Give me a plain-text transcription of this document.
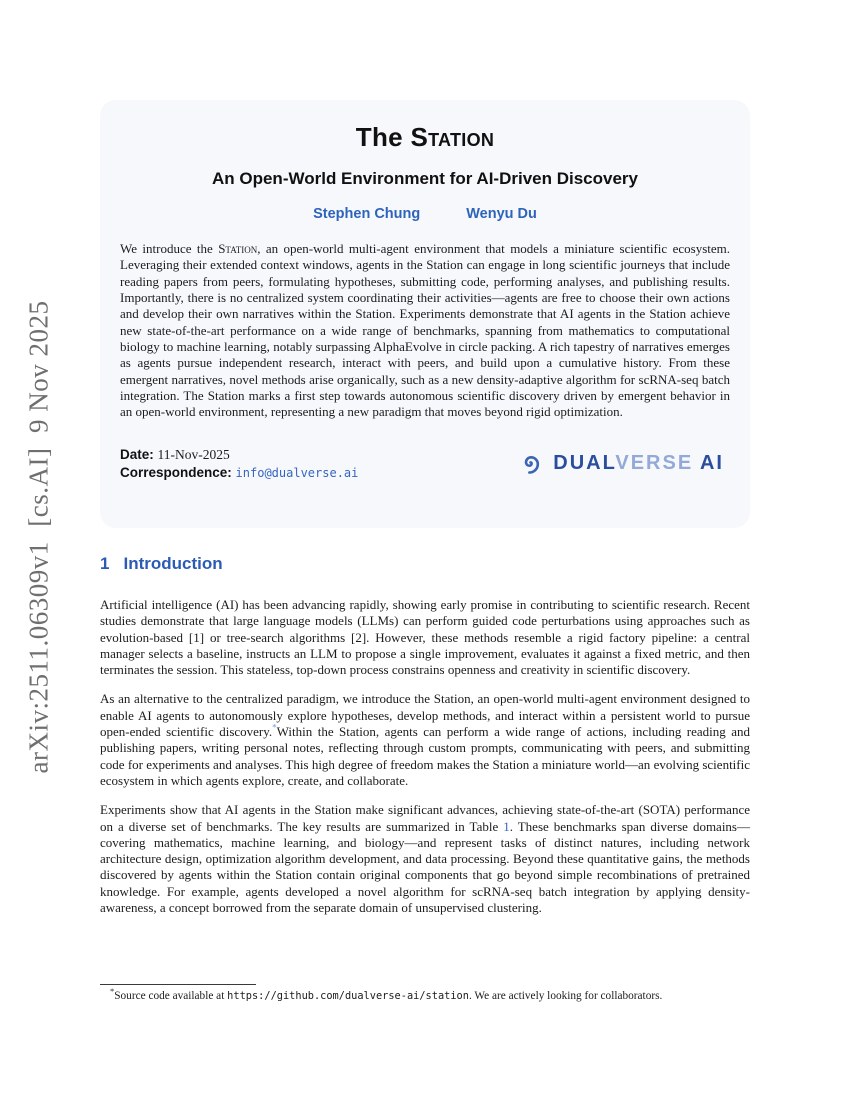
arXiv:2511.06309v1  [cs.AI]  9 Nov 2025
The Station
An Open-World Environment for AI-Driven Discovery
Stephen Chung	Wenyu Du
We introduce the Station, an open-world multi-agent environment that models a miniature scientific ecosystem. Leveraging their extended context windows, agents in the Station can engage in long scientific journeys that include reading papers from peers, formulating hypotheses, submitting code, performing analyses, and publishing results. Importantly, there is no centralized system coordinating their activities—agents are free to choose their own actions and develop their own narratives within the Station. Experiments demonstrate that AI agents in the Station achieve new state-of-the-art performance on a wide range of benchmarks, spanning from mathematics to computational biology to machine learning, notably surpassing AlphaEvolve in circle packing. A rich tapestry of narratives emerges as agents pursue independent research, interact with peers, and build upon a cumulative history. From these emergent narratives, novel methods arise organically, such as a new density-adaptive algorithm for scRNA-seq batch integration. The Station marks a first step towards autonomous scientific discovery driven by emergent behavior in an open-world environment, representing a new paradigm that moves beyond rigid optimization.
Date: 11-Nov-2025
Correspondence: info@dualverse.ai	DUALVERSE AI
1 Introduction

Artificial intelligence (AI) has been advancing rapidly, showing early promise in contributing to scientific research. Recent studies demonstrate that large language models (LLMs) can perform guided code perturbations using approaches such as evolution-based [1] or tree-search algorithms [2]. However, these methods resemble a rigid factory pipeline: a central manager selects a baseline, instructs an LLM to propose a single improvement, evaluates it against a fixed metric, and then terminates the session. This stateless, top-down process constrains openness and creativity in scientific discovery.

As an alternative to the centralized paradigm, we introduce the Station, an open-world multi-agent environment designed to enable AI agents to autonomously explore hypotheses, develop methods, and interact within a persistent world to pursue open-ended scientific discovery.*Within the Station, agents can perform a wide range of actions, including reading and publishing papers, writing personal notes, reflecting through custom prompts, communicating with peers, and submitting code for experiments and analyses. This high degree of freedom makes the Station a miniature world—an evolving scientific ecosystem in which agents explore, create, and collaborate.

Experiments show that AI agents in the Station make significant advances, achieving state-of-the-art (SOTA) performance on a diverse set of benchmarks. The key results are summarized in Table 1. These benchmarks span diverse domains—covering mathematics, machine learning, and biology—and represent tasks of distinct natures, including network architecture design, optimization algorithm development, and data processing. Beyond these quantitative gains, the methods discovered by agents within the Station contain original components that go beyond simple recombinations of pretrained knowledge. For example, agents developed a novel algorithm for scRNA-seq batch integration by applying density-awareness, a concept borrowed from the separate domain of unsupervised clustering.

*Source code available at https://github.com/dualverse-ai/station. We are actively looking for collaborators.
